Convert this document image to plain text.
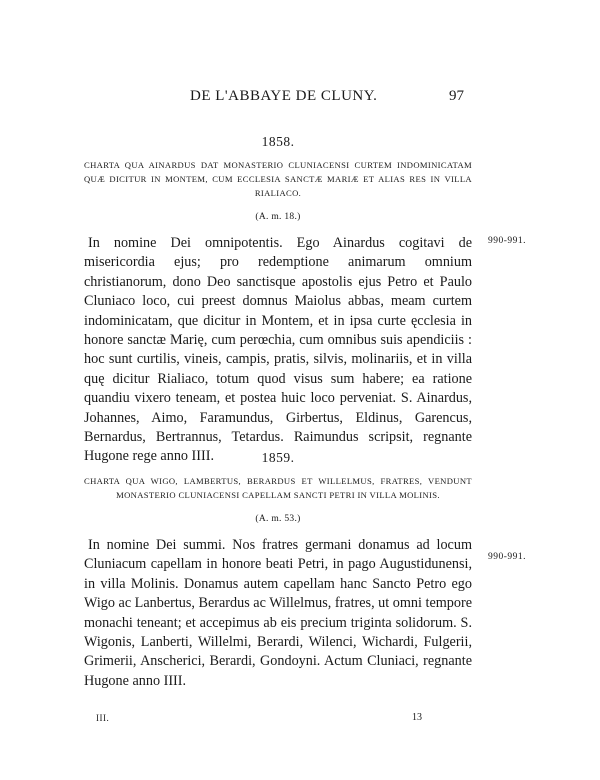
DE L'ABBAYE DE CLUNY.	97
1858.
CHARTA QUA AINARDUS DAT MONASTERIO CLUNIACENSI CURTEM INDOMINICATAM QUÆ DICITUR IN MONTEM, CUM ECCLESIA SANCTÆ MARIÆ ET ALIAS RES IN VILLA RIALIACO.
(A. m. 18.)

In nomine Dei omnipotentis. Ego Ainardus cogitavi de misericordia ejus; pro redemptione animarum omnium christianorum, dono Deo sanctisque apostolis ejus Petro et Paulo Cluniaco loco, cui preest domnus Maiolus abbas, meam curtem indominicatam, que dicitur in Montem, et in ipsa curte ęcclesia in honore sanctæ Marię, cum perœchia, cum omnibus suis apendiciis : hoc sunt curtilis, vineis, campis, pratis, silvis, molinariis, et in villa quę dicitur Rialiaco, totum quod visus sum habere; ea ratione quandiu vixero teneam, et postea huic loco perveniat. S. Ainardus, Johannes, Aimo, Faramundus, Girbertus, Eldinus, Garencus, Bernardus, Bertrannus, Tetardus. Raimundus scripsit, regnante Hugone rege anno IIII.

990-991.
1859.
CHARTA QUA WIGO, LAMBERTUS, BERARDUS ET WILLELMUS, FRATRES, VENDUNT MONASTERIO CLUNIACENSI CAPELLAM SANCTI PETRI IN VILLA MOLINIS.
(A. m. 53.)

In nomine Dei summi. Nos fratres germani donamus ad locum Cluniacum capellam in honore beati Petri, in pago Augustidunensi, in villa Molinis. Donamus autem capellam hanc Sancto Petro ego Wigo ac Lanbertus, Berardus ac Willelmus, fratres, ut omni tempore monachi teneant; et accepimus ab eis precium triginta solidorum. S. Wigonis, Lanberti, Willelmi, Berardi, Wilenci, Wichardi, Fulgerii, Grimerii, Anscherici, Berardi, Gondoyni. Actum Cluniaci, regnante Hugone anno IIII.

990-991.
III.	13
